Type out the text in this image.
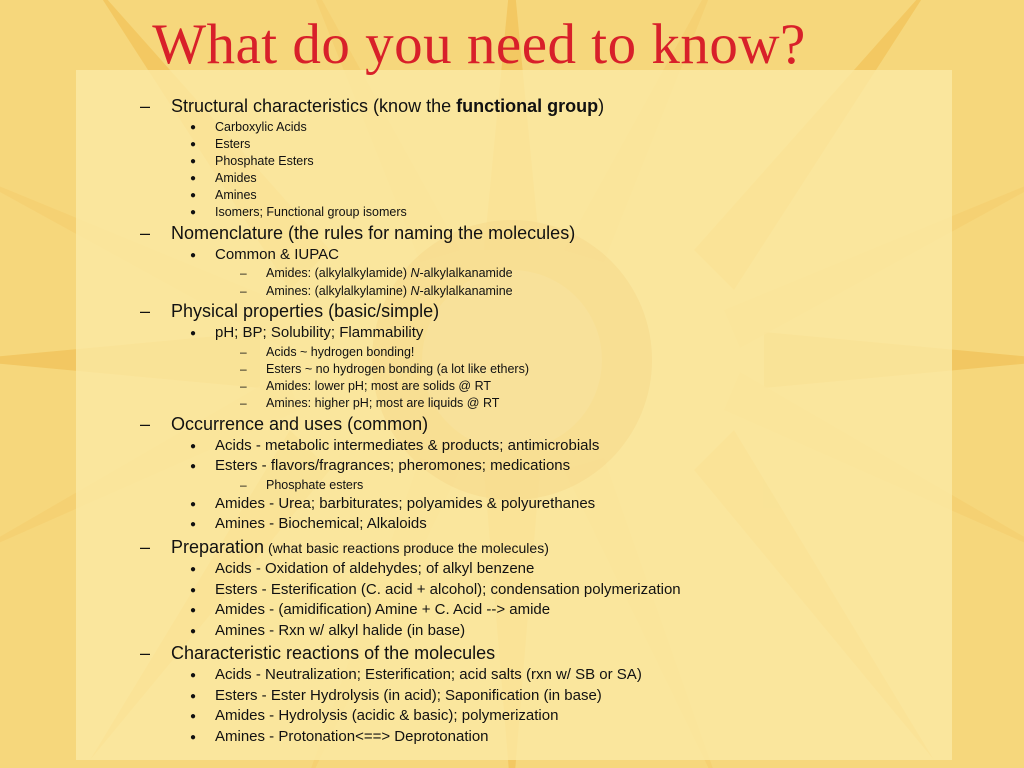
What do you need to know?
– Structural characteristics (know the functional group)
● Carboxylic Acids
● Esters
● Phosphate Esters
● Amides
● Amines
● Isomers; Functional group isomers
– Nomenclature (the rules for naming the molecules)
● Common & IUPAC
– Amides: (alkylalkylamide) N-alkylalkanamide
– Amines: (alkylalkylamine) N-alkylalkanamine
– Physical properties (basic/simple)
● pH; BP; Solubility; Flammability
– Acids ~ hydrogen bonding!
– Esters ~ no hydrogen bonding (a lot like ethers)
– Amides: lower pH; most are solids @ RT
– Amines: higher pH; most are liquids @ RT
– Occurrence and uses (common)
● Acids - metabolic intermediates & products; antimicrobials
● Esters - flavors/fragrances; pheromones; medications
– Phosphate esters
● Amides - Urea; barbiturates; polyamides & polyurethanes
● Amines - Biochemical; Alkaloids
– Preparation (what basic reactions produce the molecules)
● Acids - Oxidation of aldehydes; of alkyl benzene
● Esters - Esterification (C. acid + alcohol); condensation polymerization
● Amides - (amidification) Amine + C. Acid --> amide
● Amines - Rxn w/ alkyl halide (in base)
– Characteristic reactions of the molecules
● Acids - Neutralization; Esterification; acid salts (rxn w/ SB or SA)
● Esters - Ester Hydrolysis (in acid); Saponification (in base)
● Amides - Hydrolysis (acidic & basic); polymerization
● Amines - Protonation<==> Deprotonation
